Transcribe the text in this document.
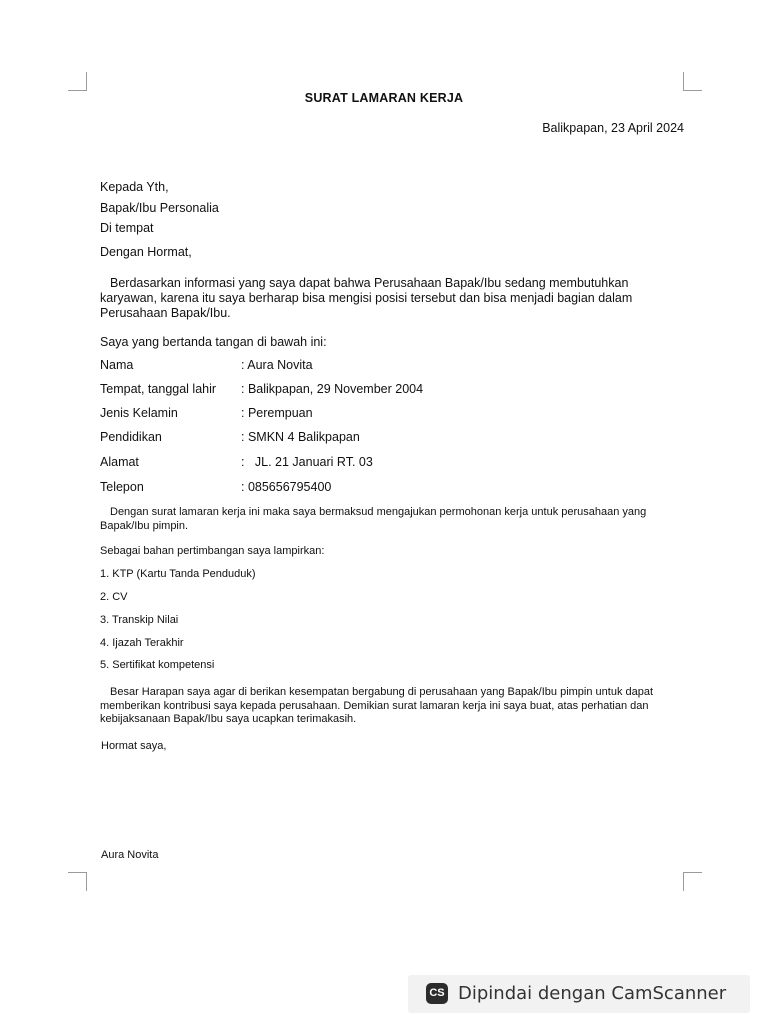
SURAT LAMARAN KERJA
Balikpapan, 23 April 2024
Kepada Yth,
Bapak/Ibu Personalia
Di tempat
Dengan Hormat,
Berdasarkan informasi yang saya dapat bahwa Perusahaan Bapak/Ibu sedang membutuhkan karyawan, karena itu saya berharap bisa mengisi posisi tersebut dan bisa menjadi bagian dalam Perusahaan Bapak/Ibu.
Saya yang bertanda tangan di bawah ini:
Nama	: Aura Novita
Tempat, tanggal lahir : Balikpapan, 29 November 2004
Jenis Kelamin	: Perempuan
Pendidikan	: SMKN 4 Balikpapan
Alamat	:   JL. 21 Januari RT. 03
Telepon	: 085656795400
Dengan surat lamaran kerja ini maka saya bermaksud mengajukan permohonan kerja untuk perusahaan yang Bapak/Ibu pimpin.
Sebagai bahan pertimbangan saya lampirkan:
1. KTP (Kartu Tanda Penduduk)
2. CV
3. Transkip Nilai
4. Ijazah Terakhir
5. Sertifikat kompetensi
Besar Harapan saya agar di berikan kesempatan bergabung di perusahaan yang Bapak/Ibu pimpin untuk dapat memberikan kontribusi saya kepada perusahaan. Demikian surat lamaran kerja ini saya buat, atas perhatian dan kebijaksanaan Bapak/Ibu saya ucapkan terimakasih.
Hormat saya,
Aura Novita
CS Dipindai dengan CamScanner
